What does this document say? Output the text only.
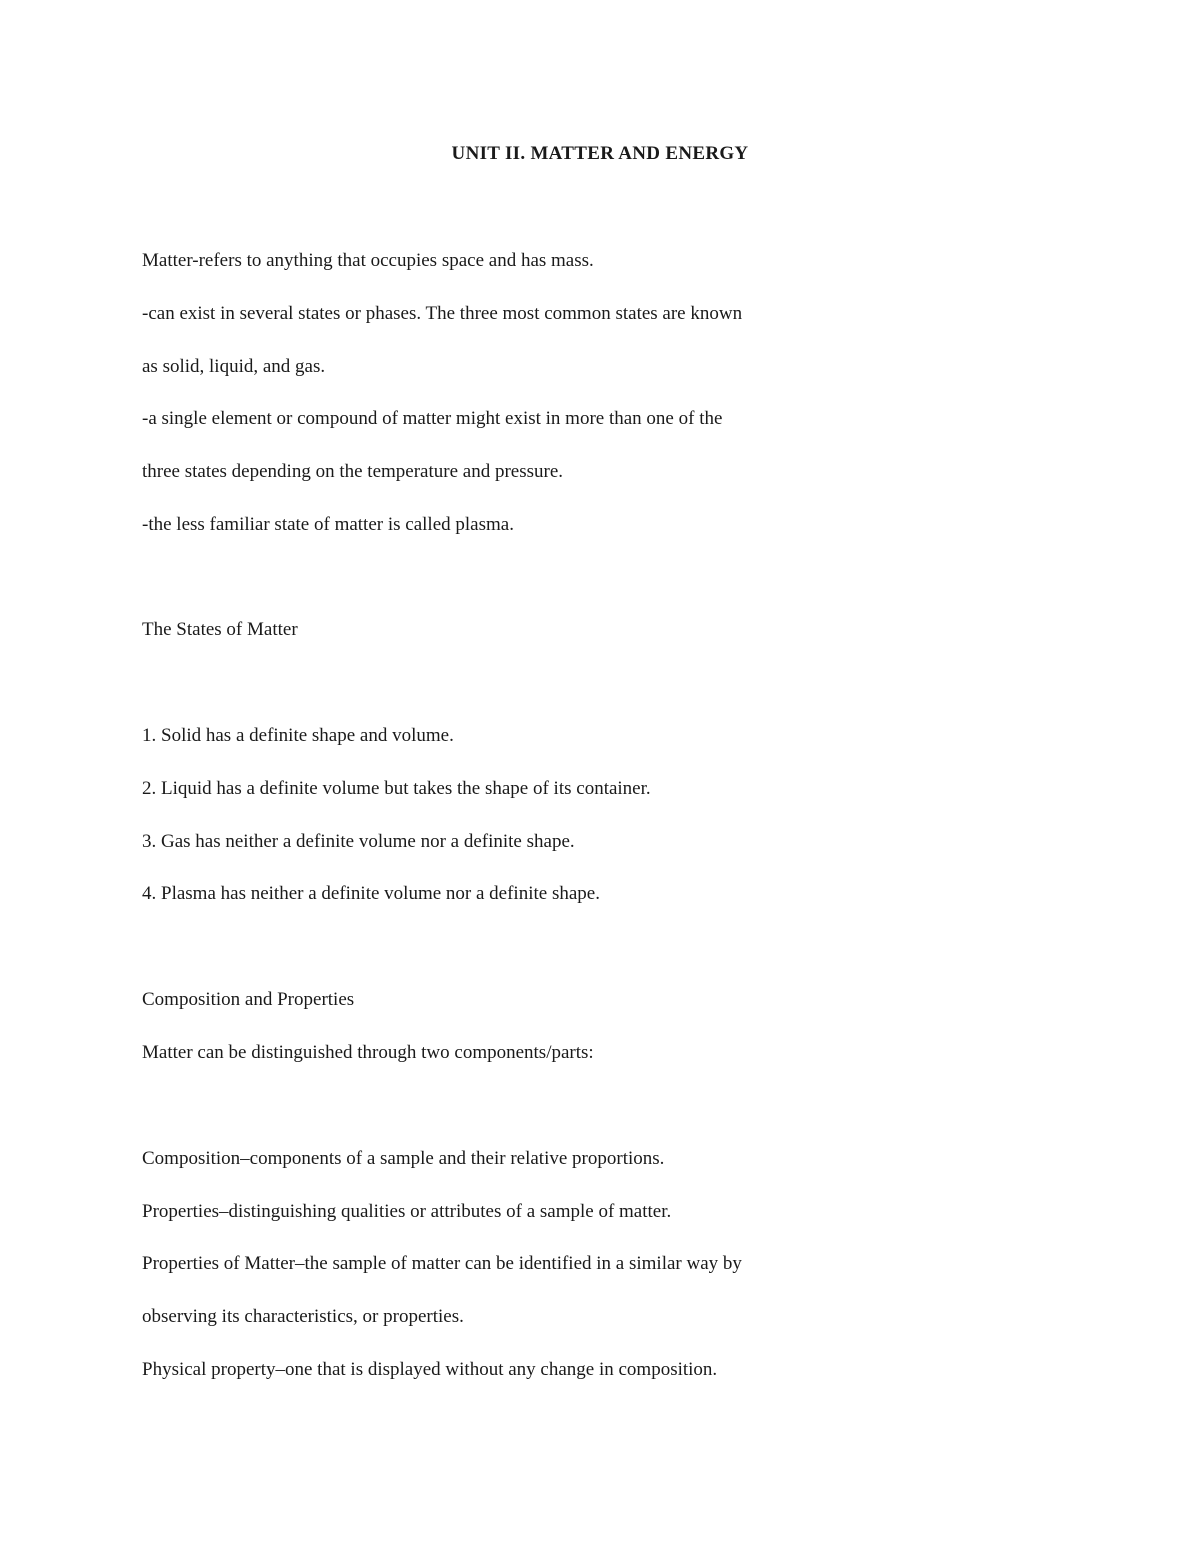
UNIT II. MATTER AND ENERGY
Matter-refers to anything that occupies space and has mass.
-can exist in several states or phases. The three most common states are known
as solid, liquid, and gas.
-a single element or compound of matter might exist in more than one of the
three states depending on the temperature and pressure.
-the less familiar state of matter is called plasma.
The States of Matter
1. Solid has a definite shape and volume.
2. Liquid has a definite volume but takes the shape of its container.
3. Gas has neither a definite volume nor a definite shape.
4. Plasma has neither a definite volume nor a definite shape.
Composition and Properties
Matter can be distinguished through two components/parts:
Composition–components of a sample and their relative proportions.
Properties–distinguishing qualities or attributes of a sample of matter.
Properties of Matter–the sample of matter can be identified in a similar way by
observing its characteristics, or properties.
Physical property–one that is displayed without any change in composition.
